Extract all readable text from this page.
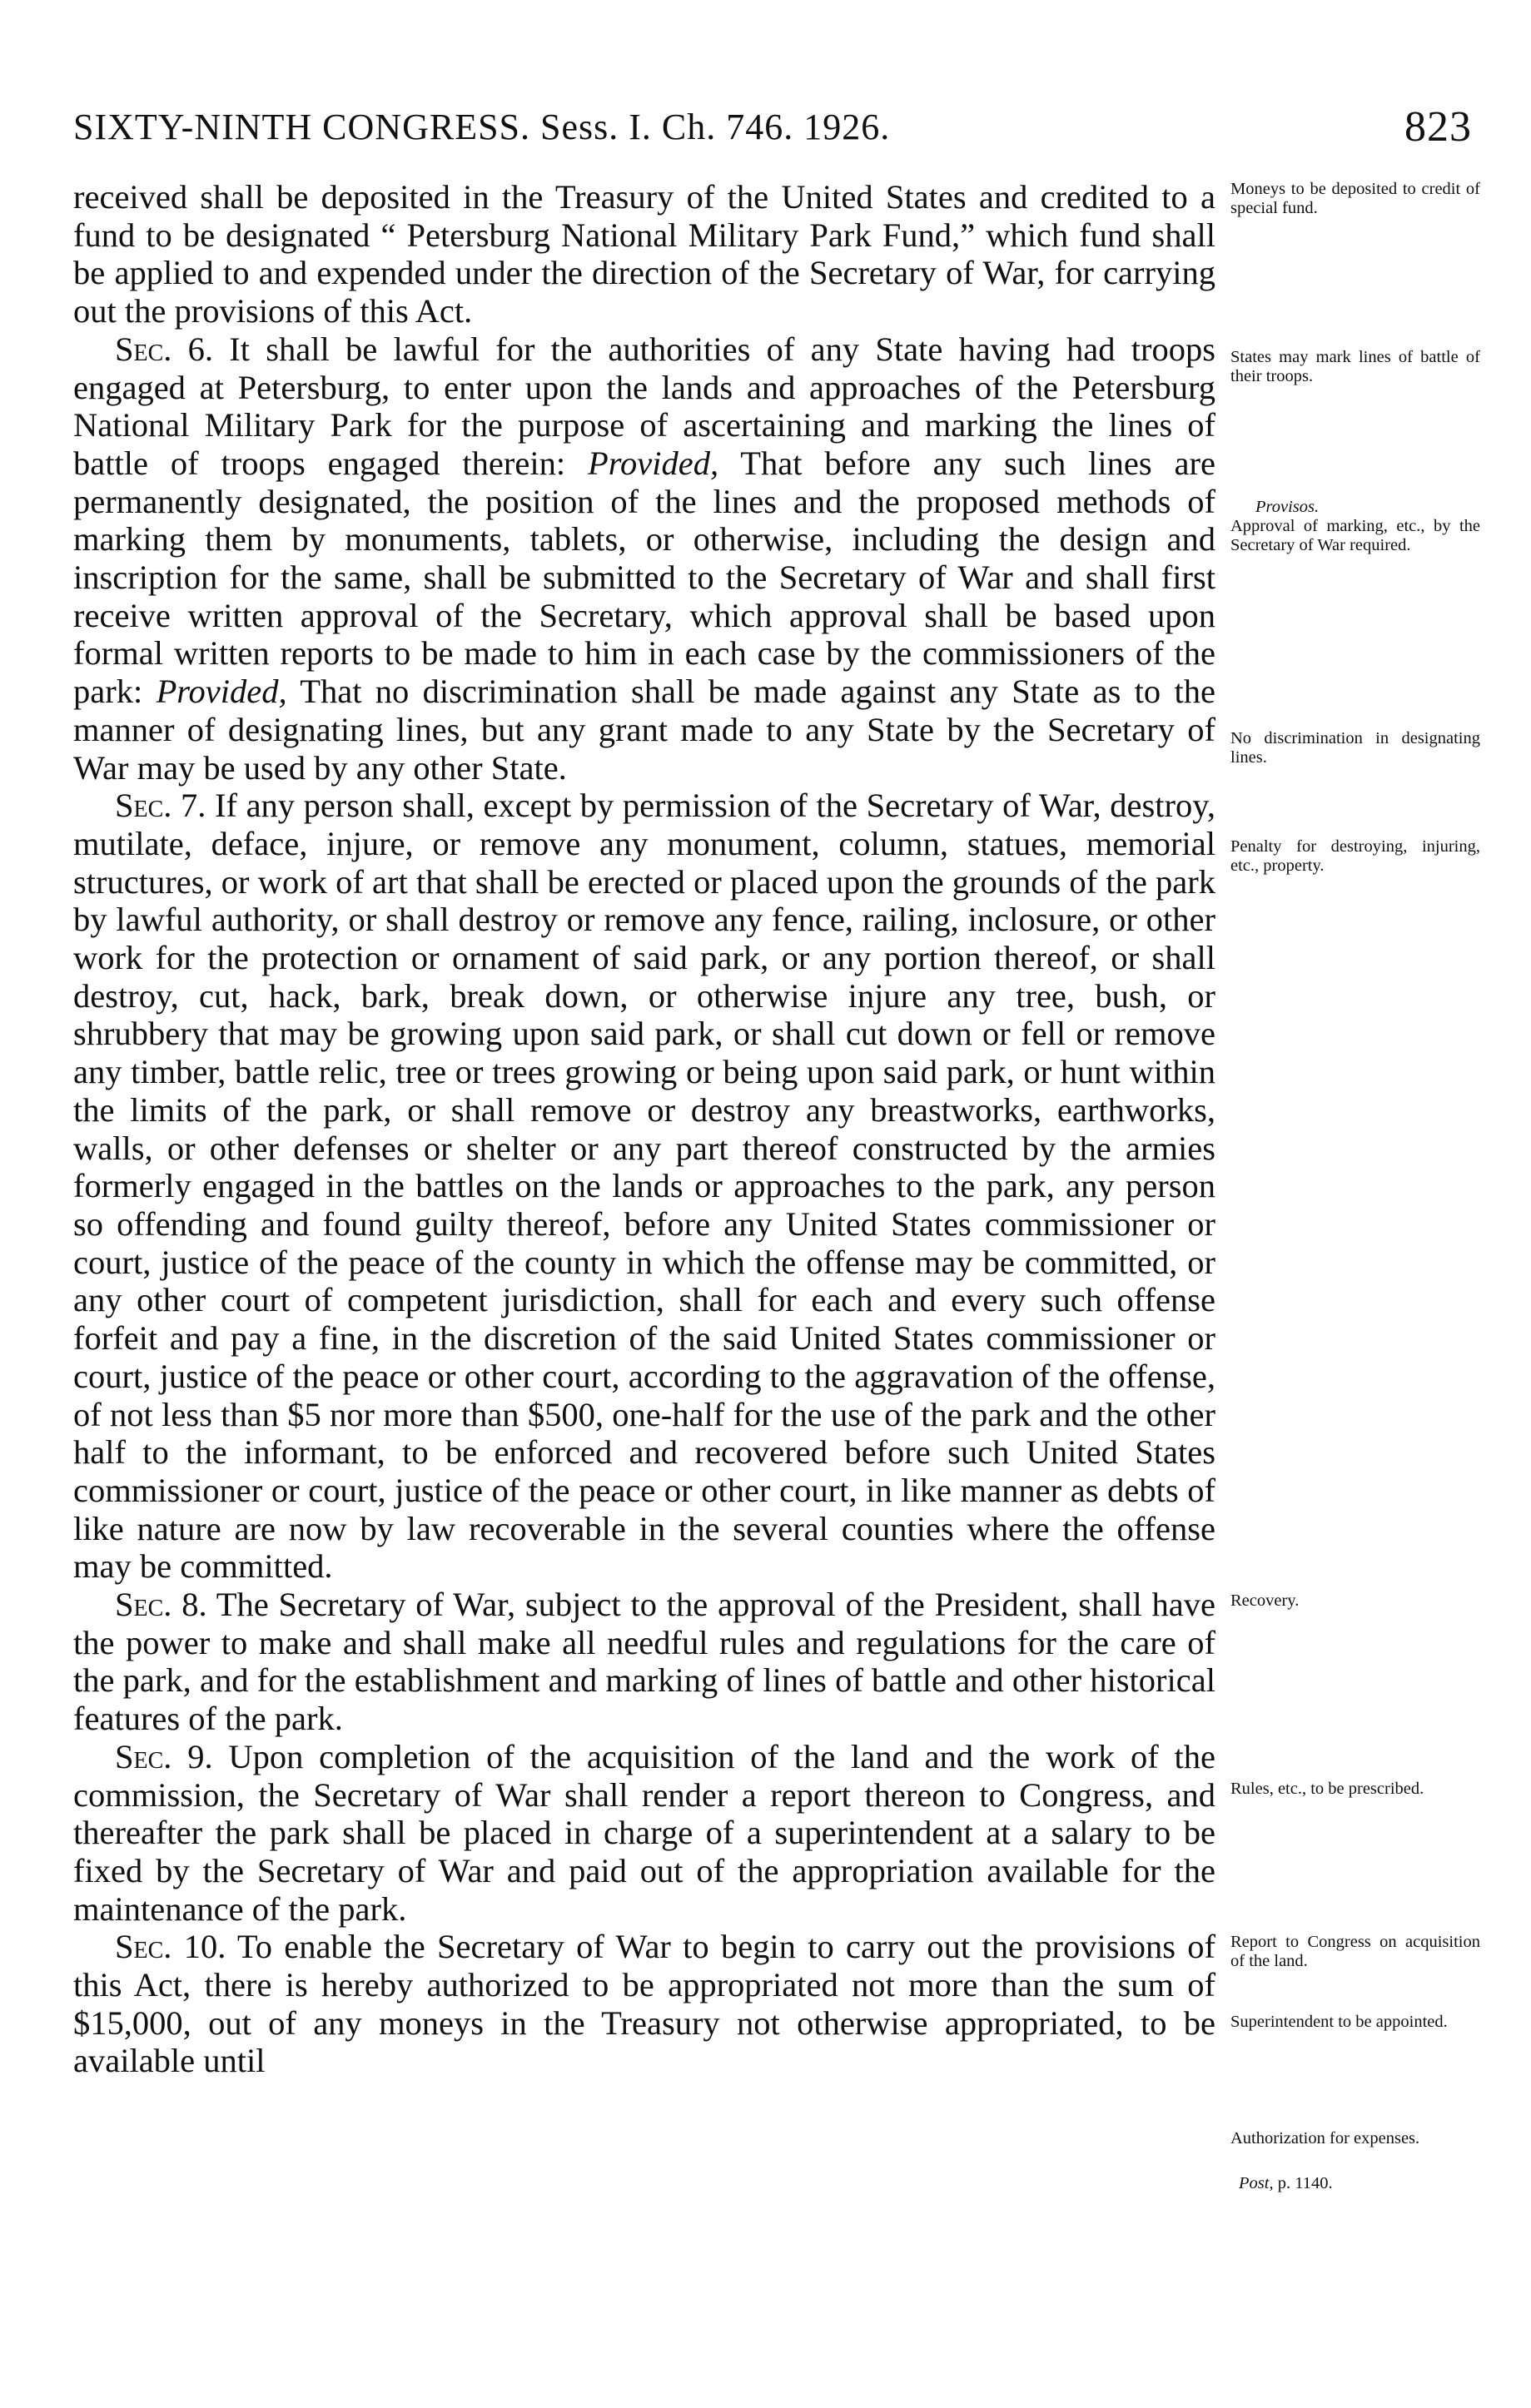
SIXTY-NINTH CONGRESS. Sess. I. Ch. 746. 1926.	823

received shall be deposited in the Treasury of the United States and credited to a fund to be designated “ Petersburg National Military Park Fund,” which fund shall be applied to and expended under the direction of the Secretary of War, for carrying out the provisions of this Act.

Sec. 6. It shall be lawful for the authorities of any State having had troops engaged at Petersburg, to enter upon the lands and approaches of the Petersburg National Military Park for the purpose of ascertaining and marking the lines of battle of troops engaged therein: Provided, That before any such lines are permanently designated, the position of the lines and the proposed methods of marking them by monuments, tablets, or otherwise, including the design and inscription for the same, shall be submitted to the Secretary of War and shall first receive written approval of the Secretary, which approval shall be based upon formal written reports to be made to him in each case by the commissioners of the park: Provided, That no discrimination shall be made against any State as to the manner of designating lines, but any grant made to any State by the Secretary of War may be used by any other State.

Sec. 7. If any person shall, except by permission of the Secretary of War, destroy, mutilate, deface, injure, or remove any monument, column, statues, memorial structures, or work of art that shall be erected or placed upon the grounds of the park by lawful authority, or shall destroy or remove any fence, railing, inclosure, or other work for the protection or ornament of said park, or any portion thereof, or shall destroy, cut, hack, bark, break down, or otherwise injure any tree, bush, or shrubbery that may be growing upon said park, or shall cut down or fell or remove any timber, battle relic, tree or trees growing or being upon said park, or hunt within the limits of the park, or shall remove or destroy any breastworks, earthworks, walls, or other defenses or shelter or any part thereof constructed by the armies formerly engaged in the battles on the lands or approaches to the park, any person so offending and found guilty thereof, before any United States commissioner or court, justice of the peace of the county in which the offense may be committed, or any other court of competent jurisdiction, shall for each and every such offense forfeit and pay a fine, in the discretion of the said United States commissioner or court, justice of the peace or other court, according to the aggravation of the offense, of not less than $5 nor more than $500, one-half for the use of the park and the other half to the informant, to be enforced and recovered before such United States commissioner or court, justice of the peace or other court, in like manner as debts of like nature are now by law recoverable in the several counties where the offense may be committed.

Sec. 8. The Secretary of War, subject to the approval of the President, shall have the power to make and shall make all needful rules and regulations for the care of the park, and for the establishment and marking of lines of battle and other historical features of the park.

Sec. 9. Upon completion of the acquisition of the land and the work of the commission, the Secretary of War shall render a report thereon to Congress, and thereafter the park shall be placed in charge of a superintendent at a salary to be fixed by the Secretary of War and paid out of the appropriation available for the maintenance of the park.

Sec. 10. To enable the Secretary of War to begin to carry out the provisions of this Act, there is hereby authorized to be appropriated not more than the sum of $15,000, out of any moneys in the Treasury not otherwise appropriated, to be available until

Moneys to be deposited to credit of special fund.
States may mark lines of battle of their troops.
Provisos.
Approval of marking, etc., by the Secretary of War required.
No discrimination in designating lines.
Penalty for destroying, injuring, etc., property.
Recovery.
Rules, etc., to be prescribed.
Report to Congress on acquisition of the land.
Superintendent to be appointed.
Authorization for expenses.
Post, p. 1140.
